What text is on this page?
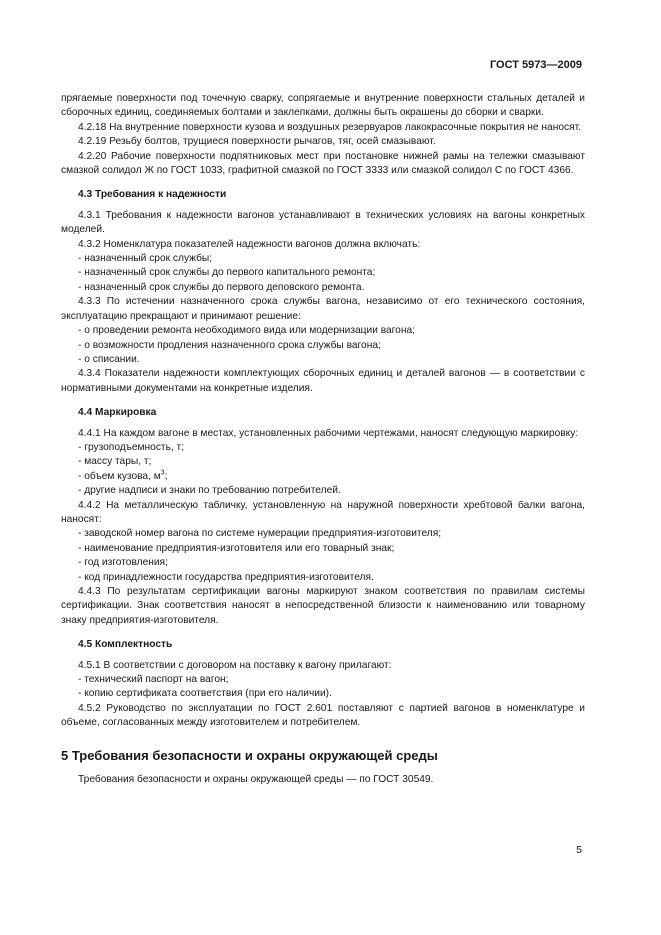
ГОСТ 5973—2009
прягаемые поверхности под точечную сварку, сопрягаемые и внутренние поверхности стальных деталей и сборочных единиц, соединяемых болтами и заклепками, должны быть окрашены до сборки и сварки.
4.2.18 На внутренние поверхности кузова и воздушных резервуаров лакокрасочные покрытия не наносят.
4.2.19 Резьбу болтов, трущиеся поверхности рычагов, тяг, осей смазывают.
4.2.20 Рабочие поверхности подпятниковых мест при постановке нижней рамы на тележки смазывают смазкой солидол Ж по ГОСТ 1033, графитной смазкой по ГОСТ 3333 или смазкой солидол С по ГОСТ 4366.
4.3 Требования к надежности
4.3.1 Требования к надежности вагонов устанавливают в технических условиях на вагоны конкретных моделей.
4.3.2 Номенклатура показателей надежности вагонов должна включать:
- назначенный срок службы;
- назначенный срок службы до первого капитального ремонта;
- назначенный срок службы до первого деповского ремонта.
4.3.3 По истечении назначенного срока службы вагона, независимо от его технического состояния, эксплуатацию прекращают и принимают решение:
- о проведении ремонта необходимого вида или модернизации вагона;
- о возможности продления назначенного срока службы вагона;
- о списании.
4.3.4 Показатели надежности комплектующих сборочных единиц и деталей вагонов — в соответствии с нормативными документами на конкретные изделия.
4.4 Маркировка
4.4.1 На каждом вагоне в местах, установленных рабочими чертежами, наносят следующую маркировку:
- грузоподъемность, т;
- массу тары, т;
- объем кузова, $м^3$;
- другие надписи и знаки по требованию потребителей.
4.4.2 На металлическую табличку, установленную на наружной поверхности хребтовой балки вагона, наносят:
- заводской номер вагона по системе нумерации предприятия-изготовителя;
- наименование предприятия-изготовителя или его товарный знак;
- год изготовления;
- код принадлежности государства предприятия-изготовителя.
4.4.3 По результатам сертификации вагоны маркируют знаком соответствия по правилам системы сертификации. Знак соответствия наносят в непосредственной близости к наименованию или товарному знаку предприятия-изготовителя.
4.5 Комплектность
4.5.1 В соответствии с договором на поставку к вагону прилагают:
- технический паспорт на вагон;
- копию сертификата соответствия (при его наличии).
4.5.2 Руководство по эксплуатации по ГОСТ 2.601 поставляют с партией вагонов в номенклатуре и объеме, согласованных между изготовителем и потребителем.
5 Требования безопасности и охраны окружающей среды
Требования безопасности и охраны окружающей среды — по ГОСТ 30549.
5
